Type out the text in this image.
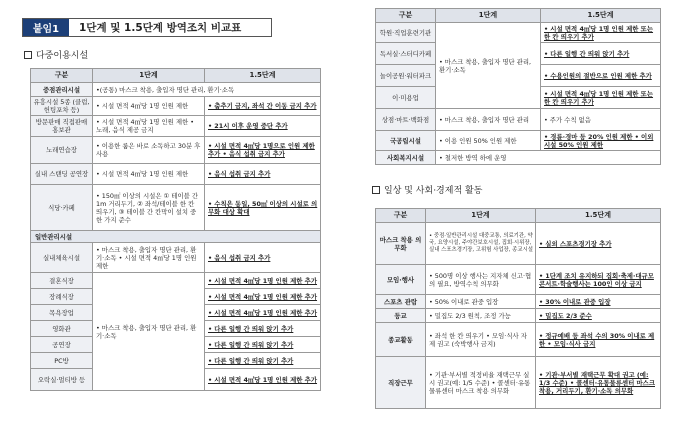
붙임1	1단계 및 1.5단계 방역조치 비교표
다중이용시설
구분	1단계	1.5단계
중점관리시설	•(공통) 마스크 착용, 출입자 명단 관리, 환기·소독	
유흥시설 5종 (클럽, 헌팅포차 등)	• 시설 면적 4㎡당 1명 인원 제한	• 춤추기 금지, 좌석 간 이동 금지 추가
방문판매 직접판매홍보관	• 시설 면적 4㎡당 1명 인원 제한 • 노래, 음식 제공 금지	• 21시 이후 운영 중단 추가
노래연습장	• 이용한 룸은 바로 소독하고 30분 후 사용	• 시설 면적 4㎡당 1명으로 인원 제한 추가 • 음식 섭취 금지 추가
실내 스탠딩 공연장	• 시설 면적 4㎡당 1명 인원 제한	• 음식 섭취 금지 추가
식당·카페	• 150㎡ 이상의 시설은 ① 테이블 간 1m 거리두기, ② 좌석/테이블 한 칸 띄우기, ③ 테이블 간 칸막이 설치 중 한 가지 준수	• 수칙은 동일, 50㎡ 이상의 시설로 의무화 대상 확대
일반관리시설		
실내체육시설	• 마스크 착용, 출입자 명단 관리, 환기·소독 • 시설 면적 4㎡당 1명 인원 제한	• 음식 섭취 금지 추가
결혼식장	• 마스크 착용, 출입자 명단 관리, 환기·소독	• 시설 면적 4㎡당 1명 인원 제한 추가
장례식장		• 시설 면적 4㎡당 1명 인원 제한 추가
목욕장업		• 시설 면적 4㎡당 1명 인원 제한 추가
영화관		• 다른 일행 간 띄워 앉기 추가
공연장		• 다른 일행 간 띄워 앉기 추가
PC방		• 다른 일행 간 띄워 앉기 추가
오락실·멀티방 등		• 시설 면적 4㎡당 1명 인원 제한 추가
구분	1단계	1.5단계
학원·직업훈련기관	• 마스크 착용, 출입자 명단 관리, 환기·소독	• 시설 면적 4㎡당 1명 인원 제한 또는 한 칸 띄우기 추가
독서실·스터디카페		• 다른 일행 간 띄워 앉기 추가
놀이공원·워터파크		• 수용인원의 절반으로 인원 제한 추가
이·미용업		• 시설 면적 4㎡당 1명 인원 제한 또는 한 칸 띄우기 추가
상점·마트·백화점	• 마스크 착용, 출입자 명단 관리	• 주가 수칙 없음
국공립시설	• 이용 인원 50% 인원 제한	• 경륜·경마 등 20% 인원 제한 • 이외 시설 50% 인원 제한
사회복지시설	• 철저한 방역 하에 운영	
일상 및 사회·경제적 활동
구분	1단계	1.5단계
마스크 착용 의무화	• 중점·일반관리시설 대중교통, 의료기관, 약국, 요양시설, 주야간보호시설, 집회·시위장, 실내 스포츠경기장, 고위험 사업장, 종교시설	• 실외 스포츠경기장 추가
모임·행사	• 500명 이상 행사는 지자체 신고·협의 필요, 방역수칙 의무화	• 1단계 조치 유지하되 집회·축제·대규모 콘서트·학술행사는 100인 이상 금지
스포츠 관람	• 50% 이내로 관중 입장	• 30% 이내로 관중 입장
등교	• 밀집도 2/3 원칙, 조정 가능	• 밀집도 2/3 준수
종교활동	• 좌석 한 칸 띄우기 • 모임·식사 자제 권고 (숙박행사 금지)	• 정규예배 등 좌석 수의 30% 이내로 제한 • 모임·식사 금지
직장근무	• 기관·부서별 적정비율 재택근무 실시 권고(예: 1/5 수준) • 콜센터·유통물류센터 마스크 착용 의무화	• 기관·부서별 재택근무 확대 권고 (예: 1/3 수준) • 콜센터·유통물류센터 마스크 착용, 거리두기, 환기·소독 의무화
